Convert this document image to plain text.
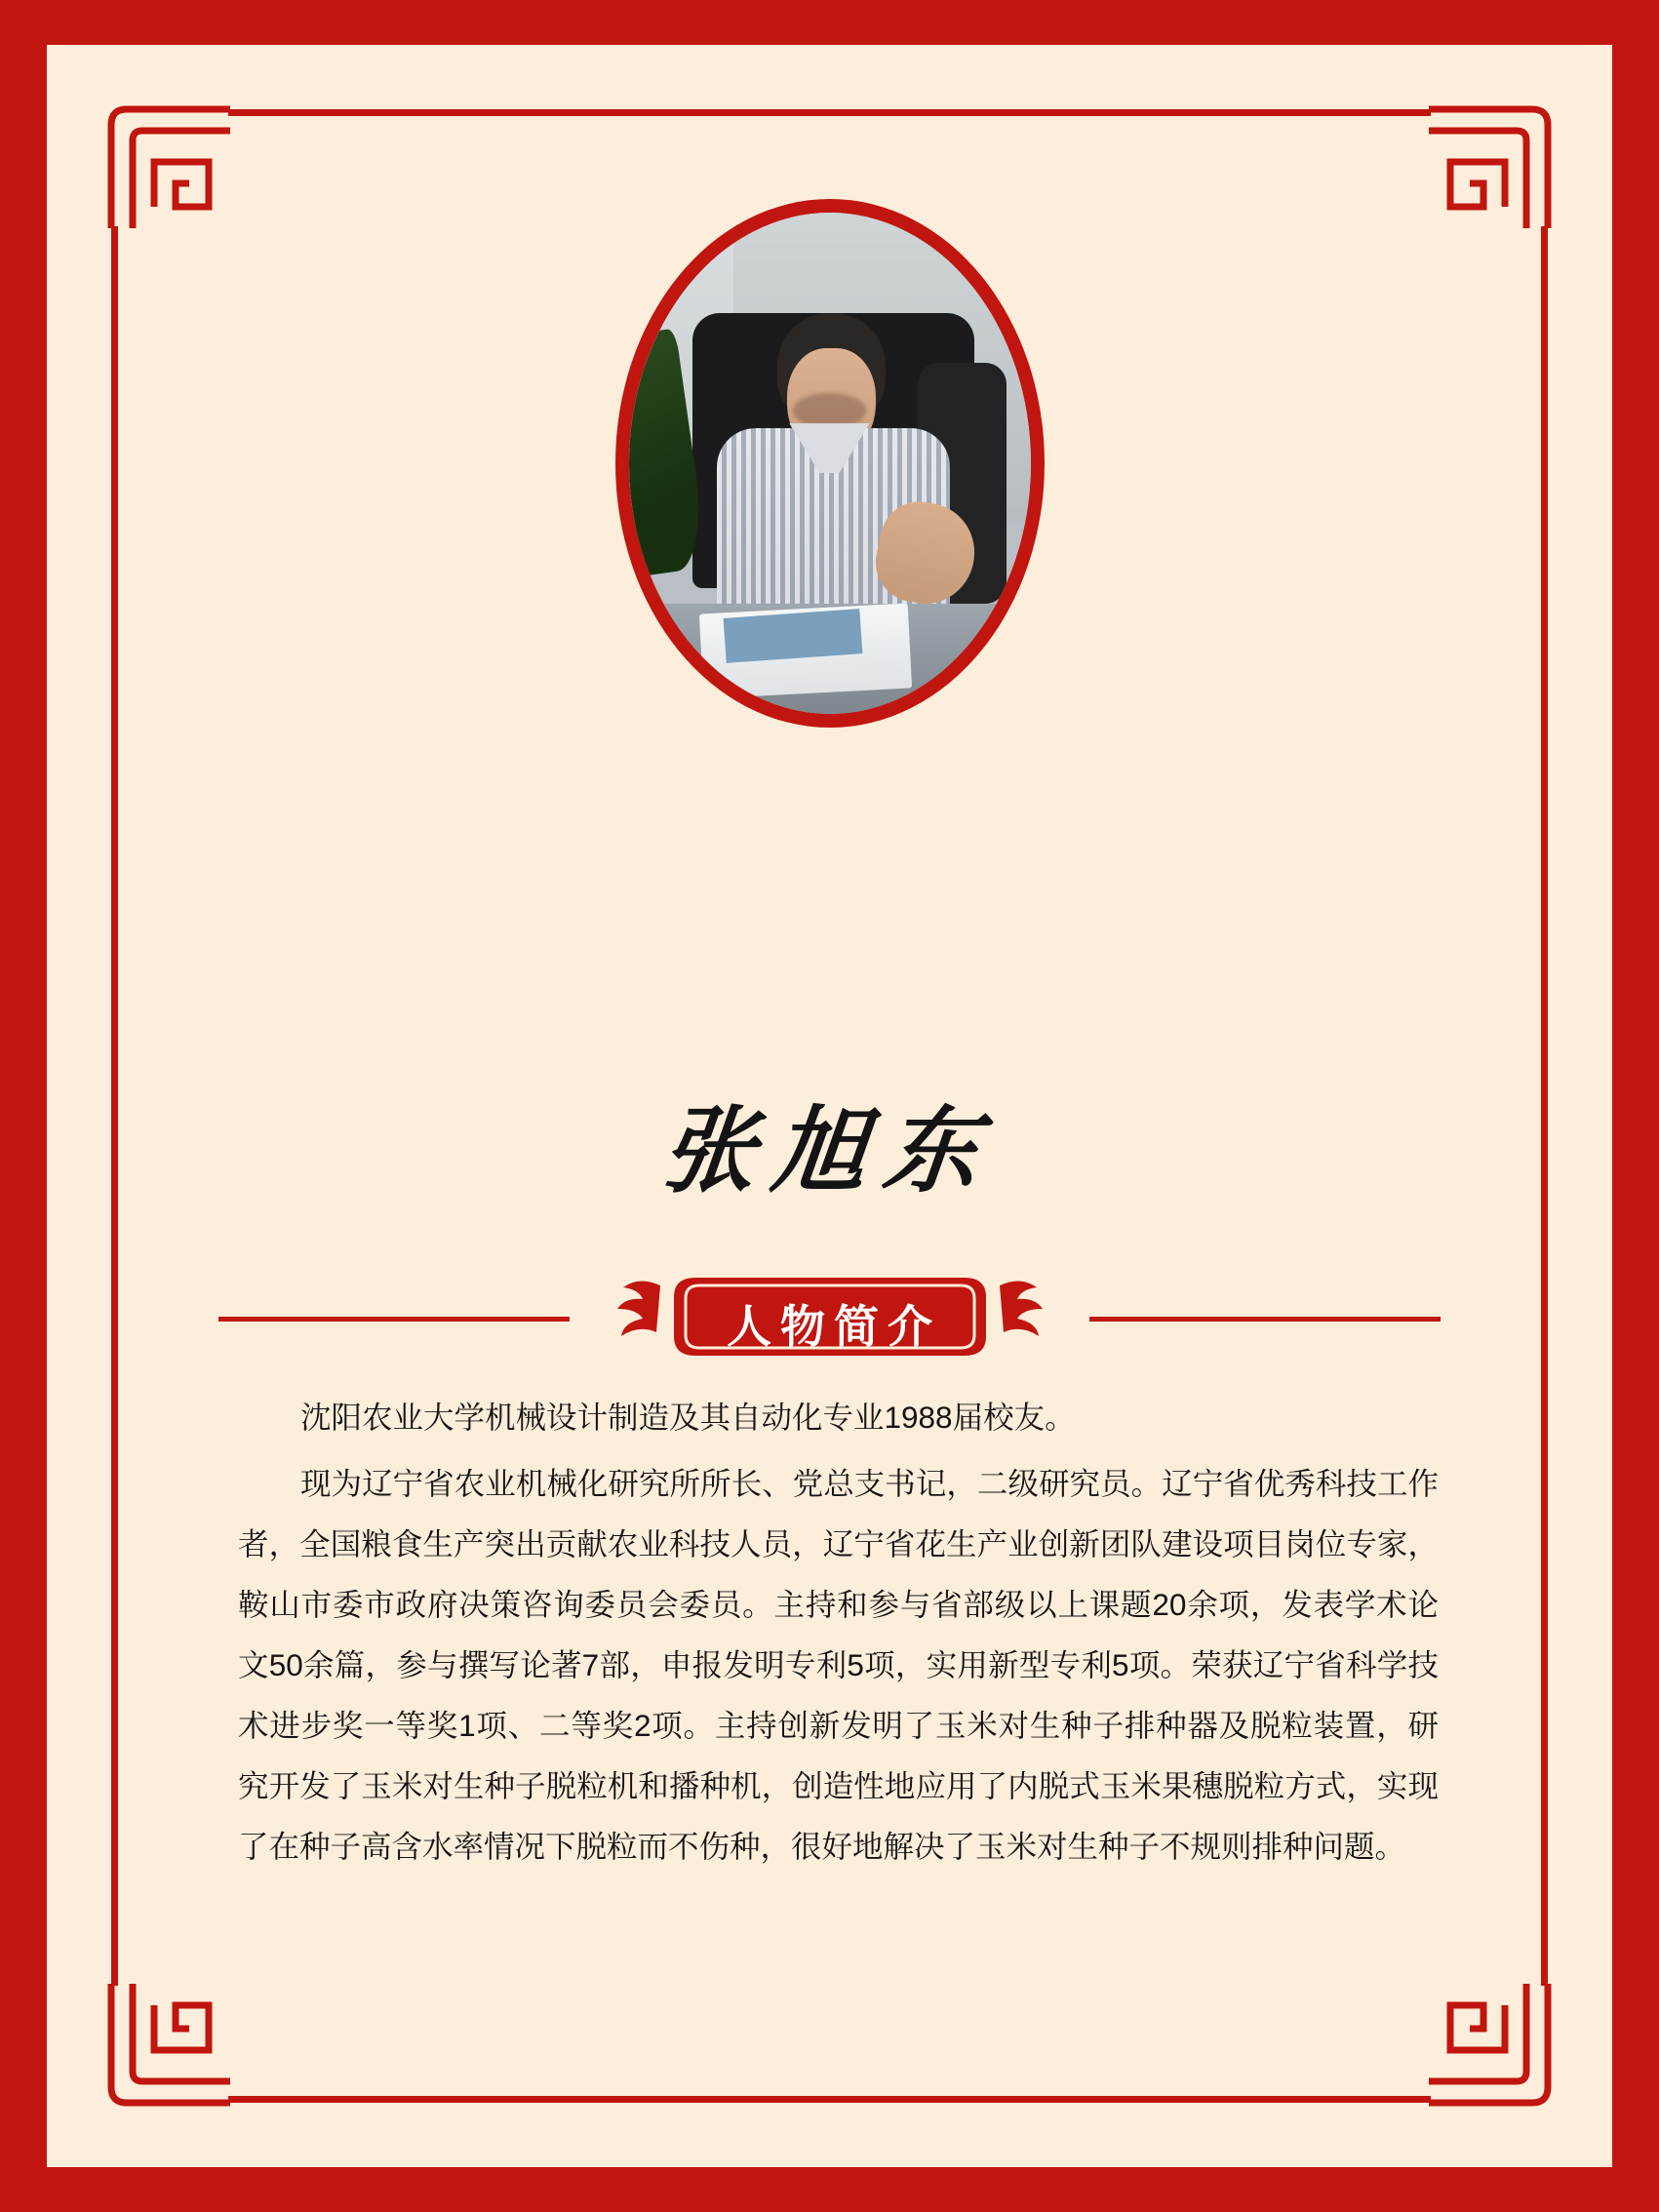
张旭东
人物简介

沈阳农业大学机械设计制造及其自动化专业1988届校友。

现为辽宁省农业机械化研究所所长、党总支书记，二级研究员。辽宁省优秀科技工作者，全国粮食生产突出贡献农业科技人员，辽宁省花生产业创新团队建设项目岗位专家，鞍山市委市政府决策咨询委员会委员。主持和参与省部级以上课题20余项，发表学术论文50余篇，参与撰写论著7部，申报发明专利5项，实用新型专利5项。荣获辽宁省科学技术进步奖一等奖1项、二等奖2项。主持创新发明了玉米对生种子排种器及脱粒装置，研究开发了玉米对生种子脱粒机和播种机，创造性地应用了内脱式玉米果穗脱粒方式，实现了在种子高含水率情况下脱粒而不伤种，很好地解决了玉米对生种子不规则排种问题。
